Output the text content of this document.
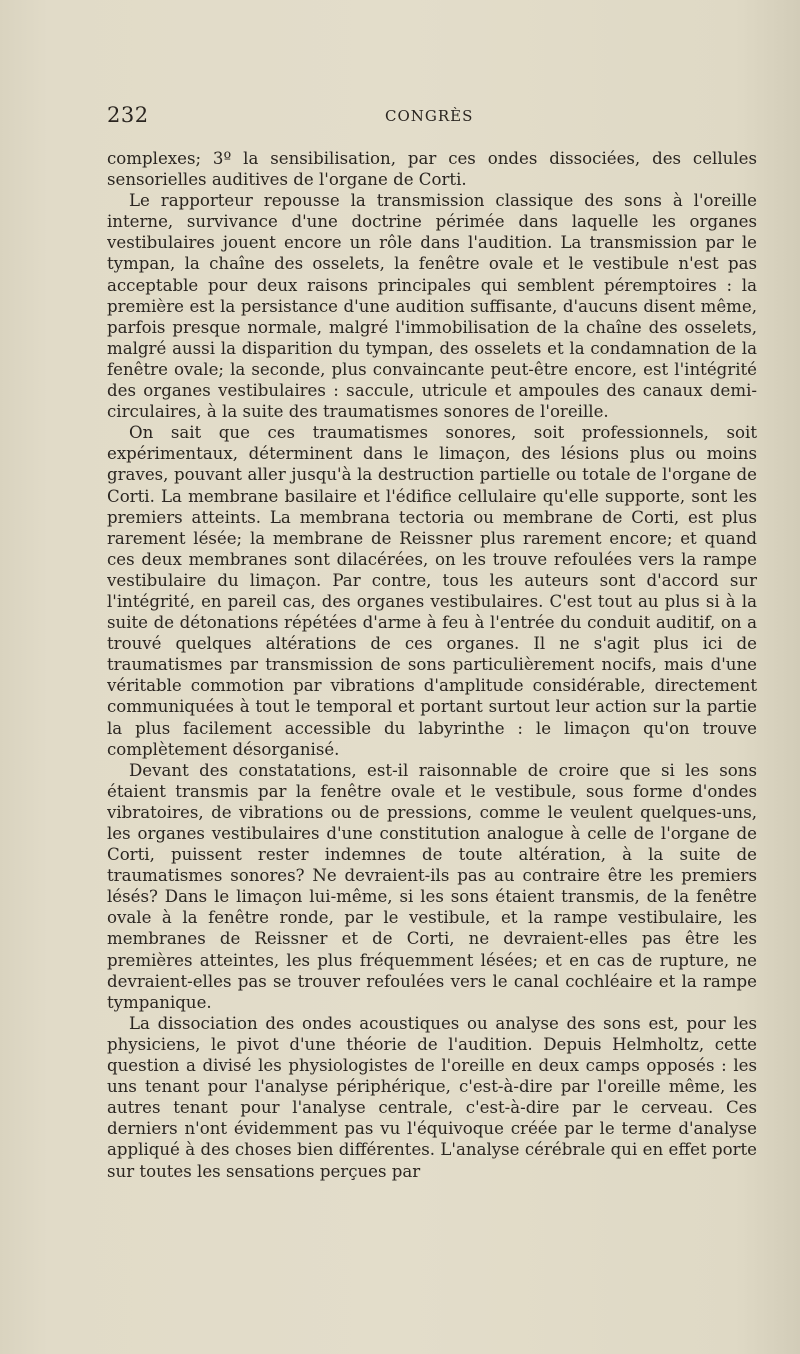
232	CONGRÈS

complexes; 3º la sensibilisation, par ces ondes dissociées, des cellules sensorielles auditives de l'organe de Corti.

Le rapporteur repousse la transmission classique des sons à l'oreille interne, survivance d'une doctrine périmée dans laquelle les organes vestibulaires jouent encore un rôle dans l'audition. La transmission par le tympan, la chaîne des osselets, la fenêtre ovale et le vestibule n'est pas acceptable pour deux raisons principales qui semblent péremptoires : la première est la persistance d'une audition suffisante, d'aucuns disent même, parfois presque normale, malgré l'immobilisation de la chaîne des osselets, malgré aussi la disparition du tympan, des osselets et la condamnation de la fenêtre ovale; la seconde, plus convaincante peut-être encore, est l'intégrité des organes vestibulaires : saccule, utricule et ampoules des canaux demi-circulaires, à la suite des traumatismes sonores de l'oreille.

On sait que ces traumatismes sonores, soit professionnels, soit expérimentaux, déterminent dans le limaçon, des lésions plus ou moins graves, pouvant aller jusqu'à la destruction partielle ou totale de l'organe de Corti. La membrane basilaire et l'édifice cellulaire qu'elle supporte, sont les premiers atteints. La membrana tectoria ou membrane de Corti, est plus rarement lésée; la membrane de Reissner plus rarement encore; et quand ces deux membranes sont dilacérées, on les trouve refoulées vers la rampe vestibulaire du limaçon. Par contre, tous les auteurs sont d'accord sur l'intégrité, en pareil cas, des organes vestibulaires. C'est tout au plus si à la suite de détonations répétées d'arme à feu à l'entrée du conduit auditif, on a trouvé quelques altérations de ces organes. Il ne s'agit plus ici de traumatismes par transmission de sons particulièrement nocifs, mais d'une véritable commotion par vibrations d'amplitude considérable, directement communiquées à tout le temporal et portant surtout leur action sur la partie la plus facilement accessible du labyrinthe : le limaçon qu'on trouve complètement désorganisé.

Devant des constatations, est-il raisonnable de croire que si les sons étaient transmis par la fenêtre ovale et le vestibule, sous forme d'ondes vibratoires, de vibrations ou de pressions, comme le veulent quelques-uns, les organes vestibulaires d'une constitution analogue à celle de l'organe de Corti, puissent rester indemnes de toute altération, à la suite de traumatismes sonores? Ne devraient-ils pas au contraire être les premiers lésés? Dans le limaçon lui-même, si les sons étaient transmis, de la fenêtre ovale à la fenêtre ronde, par le vestibule, et la rampe vestibulaire, les membranes de Reissner et de Corti, ne devraient-elles pas être les premières atteintes, les plus fréquemment lésées; et en cas de rupture, ne devraient-elles pas se trouver refoulées vers le canal cochléaire et la rampe tympanique.

La dissociation des ondes acoustiques ou analyse des sons est, pour les physiciens, le pivot d'une théorie de l'audition. Depuis Helmholtz, cette question a divisé les physiologistes de l'oreille en deux camps opposés : les uns tenant pour l'analyse périphérique, c'est-à-dire par l'oreille même, les autres tenant pour l'analyse centrale, c'est-à-dire par le cerveau. Ces derniers n'ont évidemment pas vu l'équivoque créée par le terme d'analyse appliqué à des choses bien différentes. L'analyse cérébrale qui en effet porte sur toutes les sensations perçues par
